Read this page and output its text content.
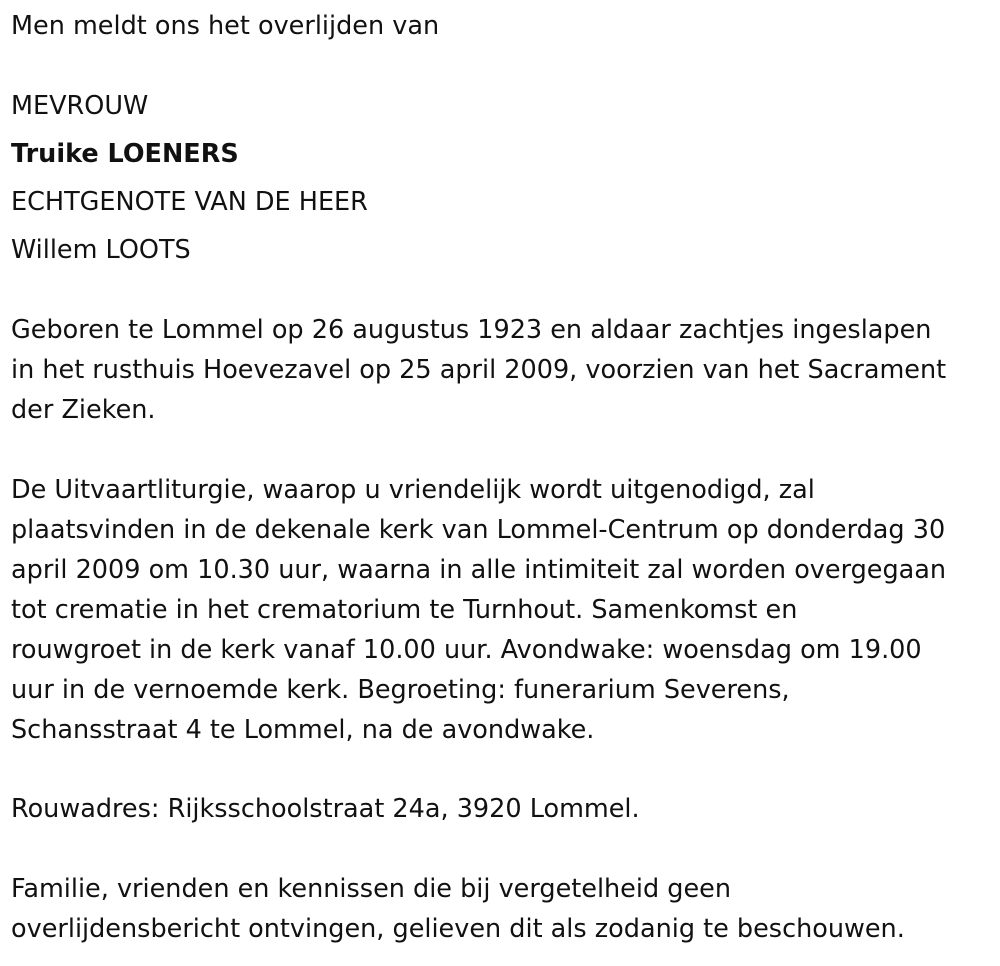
Men meldt ons het overlijden van

MEVROUW

Truike LOENERS

ECHTGENOTE VAN DE HEER

Willem LOOTS

Geboren te Lommel op 26 augustus 1923 en aldaar zachtjes ingeslapen
in het rusthuis Hoevezavel op 25 april 2009, voorzien van het Sacrament
der Zieken.

De Uitvaartliturgie, waarop u vriendelijk wordt uitgenodigd, zal
plaatsvinden in de dekenale kerk van Lommel-Centrum op donderdag 30
april 2009 om 10.30 uur, waarna in alle intimiteit zal worden overgegaan
tot crematie in het crematorium te Turnhout. Samenkomst en
rouwgroet in de kerk vanaf 10.00 uur. Avondwake: woensdag om 19.00
uur in de vernoemde kerk. Begroeting: funerarium Severens,
Schansstraat 4 te Lommel, na de avondwake.

Rouwadres: Rijksschoolstraat 24a, 3920 Lommel.

Familie, vrienden en kennissen die bij vergetelheid geen
overlijdensbericht ontvingen, gelieven dit als zodanig te beschouwen.
